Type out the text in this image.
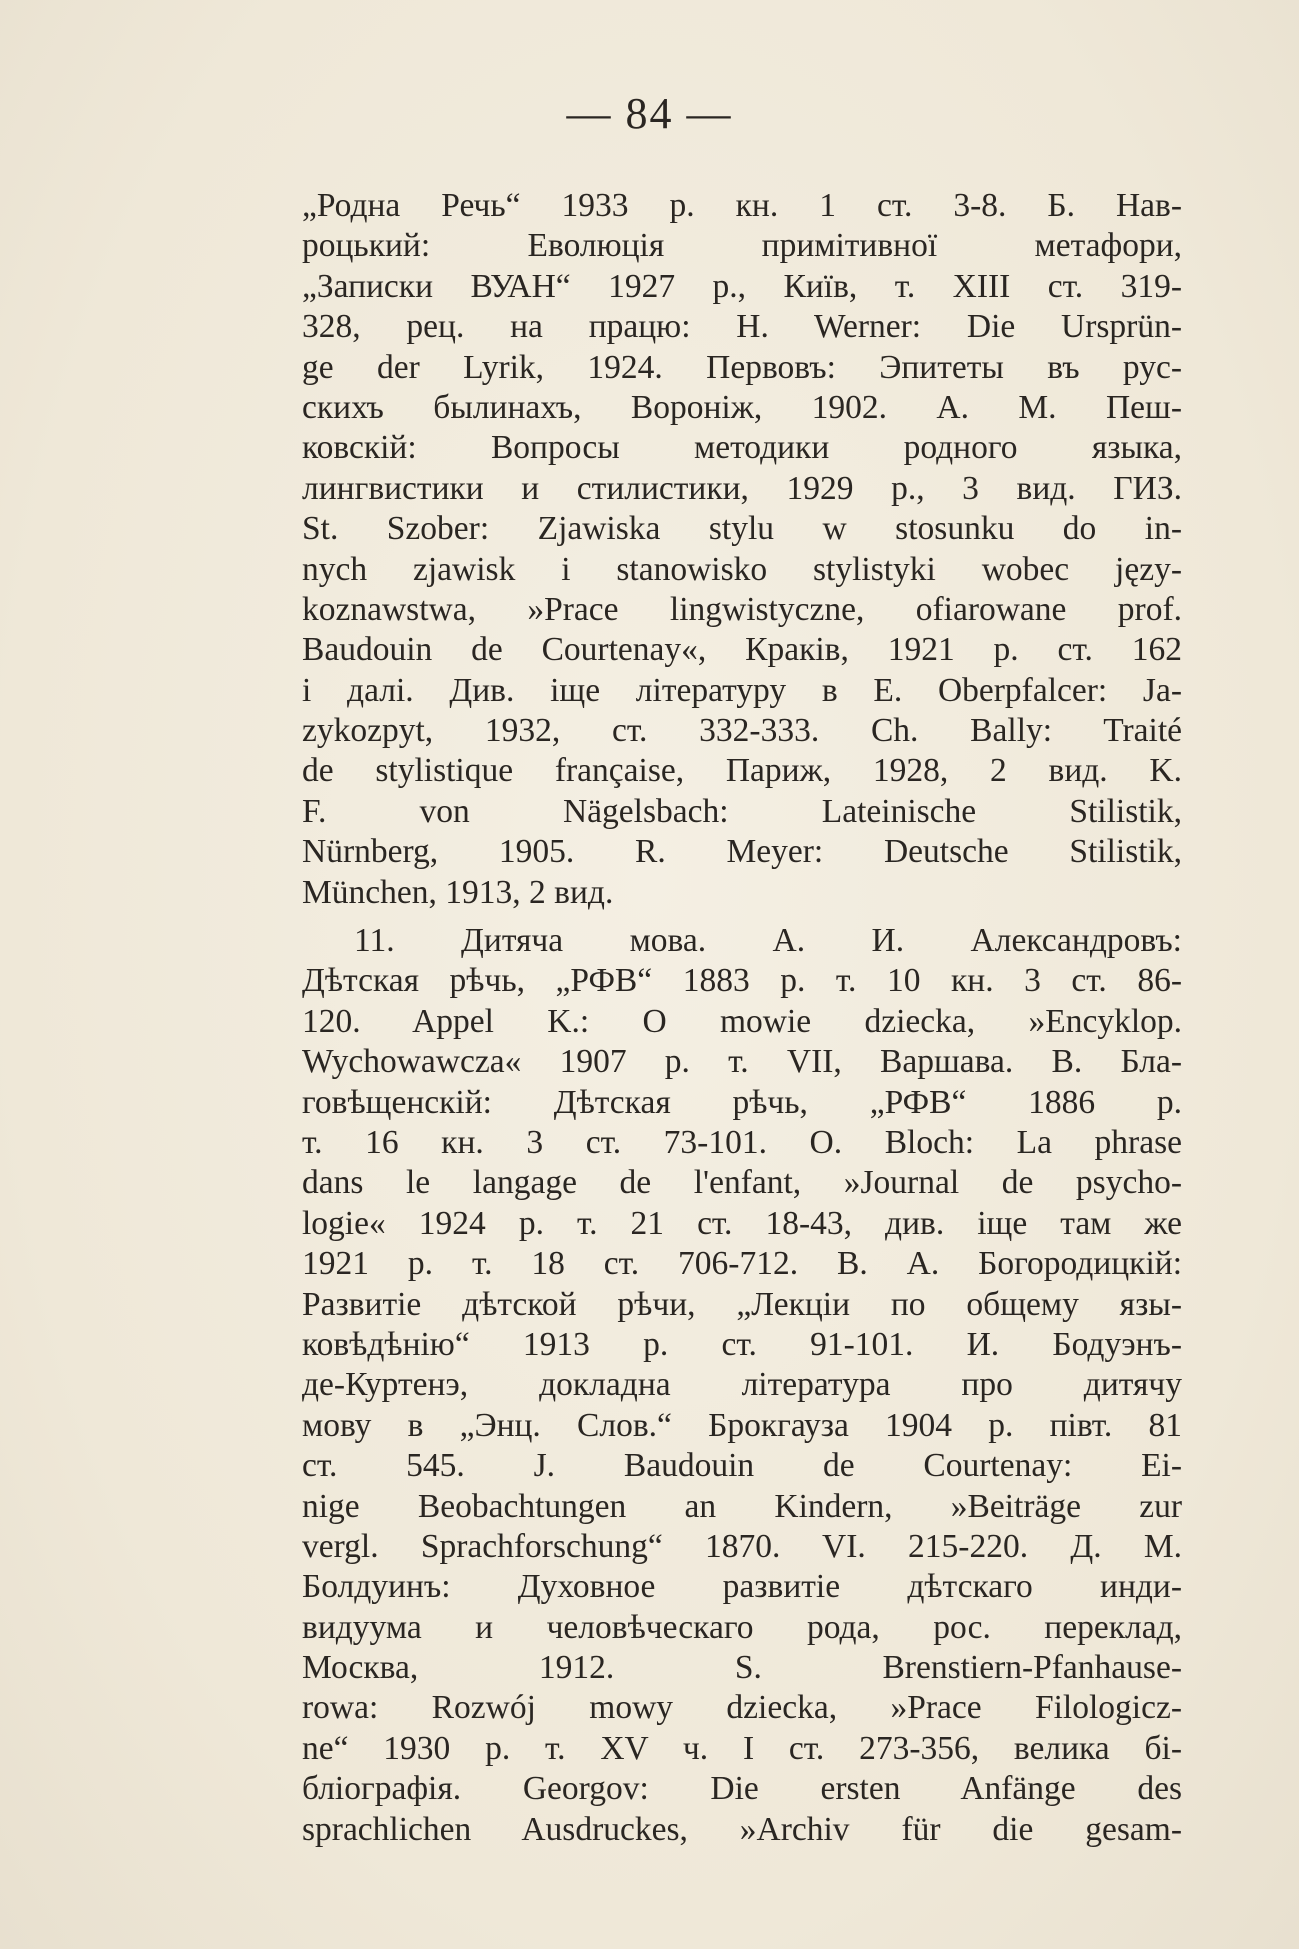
— 84 —
„Родна Речь“ 1933 р. кн. 1 ст. 3-8. Б. Нав-
роцький: Еволюція примітивної метафори,
„Записки ВУАН“ 1927 р., Київ, т. XIII ст. 319-
328, рец. на працю: H. Werner: Die Ursprün-
ge der Lyrik, 1924. Первовъ: Эпитеты въ рус-
скихъ былинахъ, Воронiж, 1902. А. М. Пеш-
ковскiй: Вопросы методики родного языка,
лингвистики и стилистики, 1929 р., 3 вид. ГИЗ.
St. Szober: Zjawiska stylu w stosunku do in-
nych zjawisk i stanowisko stylistyki wobec języ-
koznawstwa, »Prace lingwistyczne, ofiarowane prof.
Baudouin de Courtenay«, Краків, 1921 р. ст. 162
і далі. Див. іще літературу в E. Oberpfalcer: Ja-
zykozpyt, 1932, ст. 332-333. Ch. Bally: Traité
de stylistique française, Париж, 1928, 2 вид. K.
F. von Nägelsbach: Lateinische Stilistik,
Nürnberg, 1905. R. Meyer: Deutsche Stilistik,
München, 1913, 2 вид.
11. Дитяча мова. А. И. Александровъ:
Дѣтская рѣчь, „РФВ“ 1883 р. т. 10 кн. 3 ст. 86-
120. Appel K.: O mowie dziecka, »Encyklop.
Wychowawcza« 1907 р. т. VII, Варшава. В. Бла-
говѣщенскiй: Дѣтская рѣчь, „РФВ“ 1886 р.
т. 16 кн. 3 ст. 73-101. O. Bloch: La phrase
dans le langage de l'enfant, »Journal de psycho-
logie« 1924 р. т. 21 ст. 18-43, див. іще там же
1921 р. т. 18 ст. 706-712. В. А. Богородицкiй:
Развитiе дѣтской рѣчи, „Лекцiи по общему язы-
ковѣдѣнiю“ 1913 р. ст. 91-101. И. Бодуэнъ-
де-Куртенэ, докладна література про дитячу
мову в „Энц. Слов.“ Брокгауза 1904 р. півт. 81
ст. 545. J. Baudouin de Courtenay: Ei-
nige Beobachtungen an Kindern, »Beiträge zur
vergl. Sprachforschung“ 1870. VI. 215-220. Д. М.
Болдуинъ: Духовное развитiе дѣтскаго инди-
видуума и человѣческаго рода, рос. переклад,
Москва, 1912. S. Brenstiern-Pfanhause-
rowa: Rozwój mowy dziecka, »Prace Filologicz-
ne“ 1930 р. т. XV ч. I ст. 273-356, велика бі-
бліографія. Georgov: Die ersten Anfänge des
sprachlichen Ausdruckes, »Archiv für die gesam-
